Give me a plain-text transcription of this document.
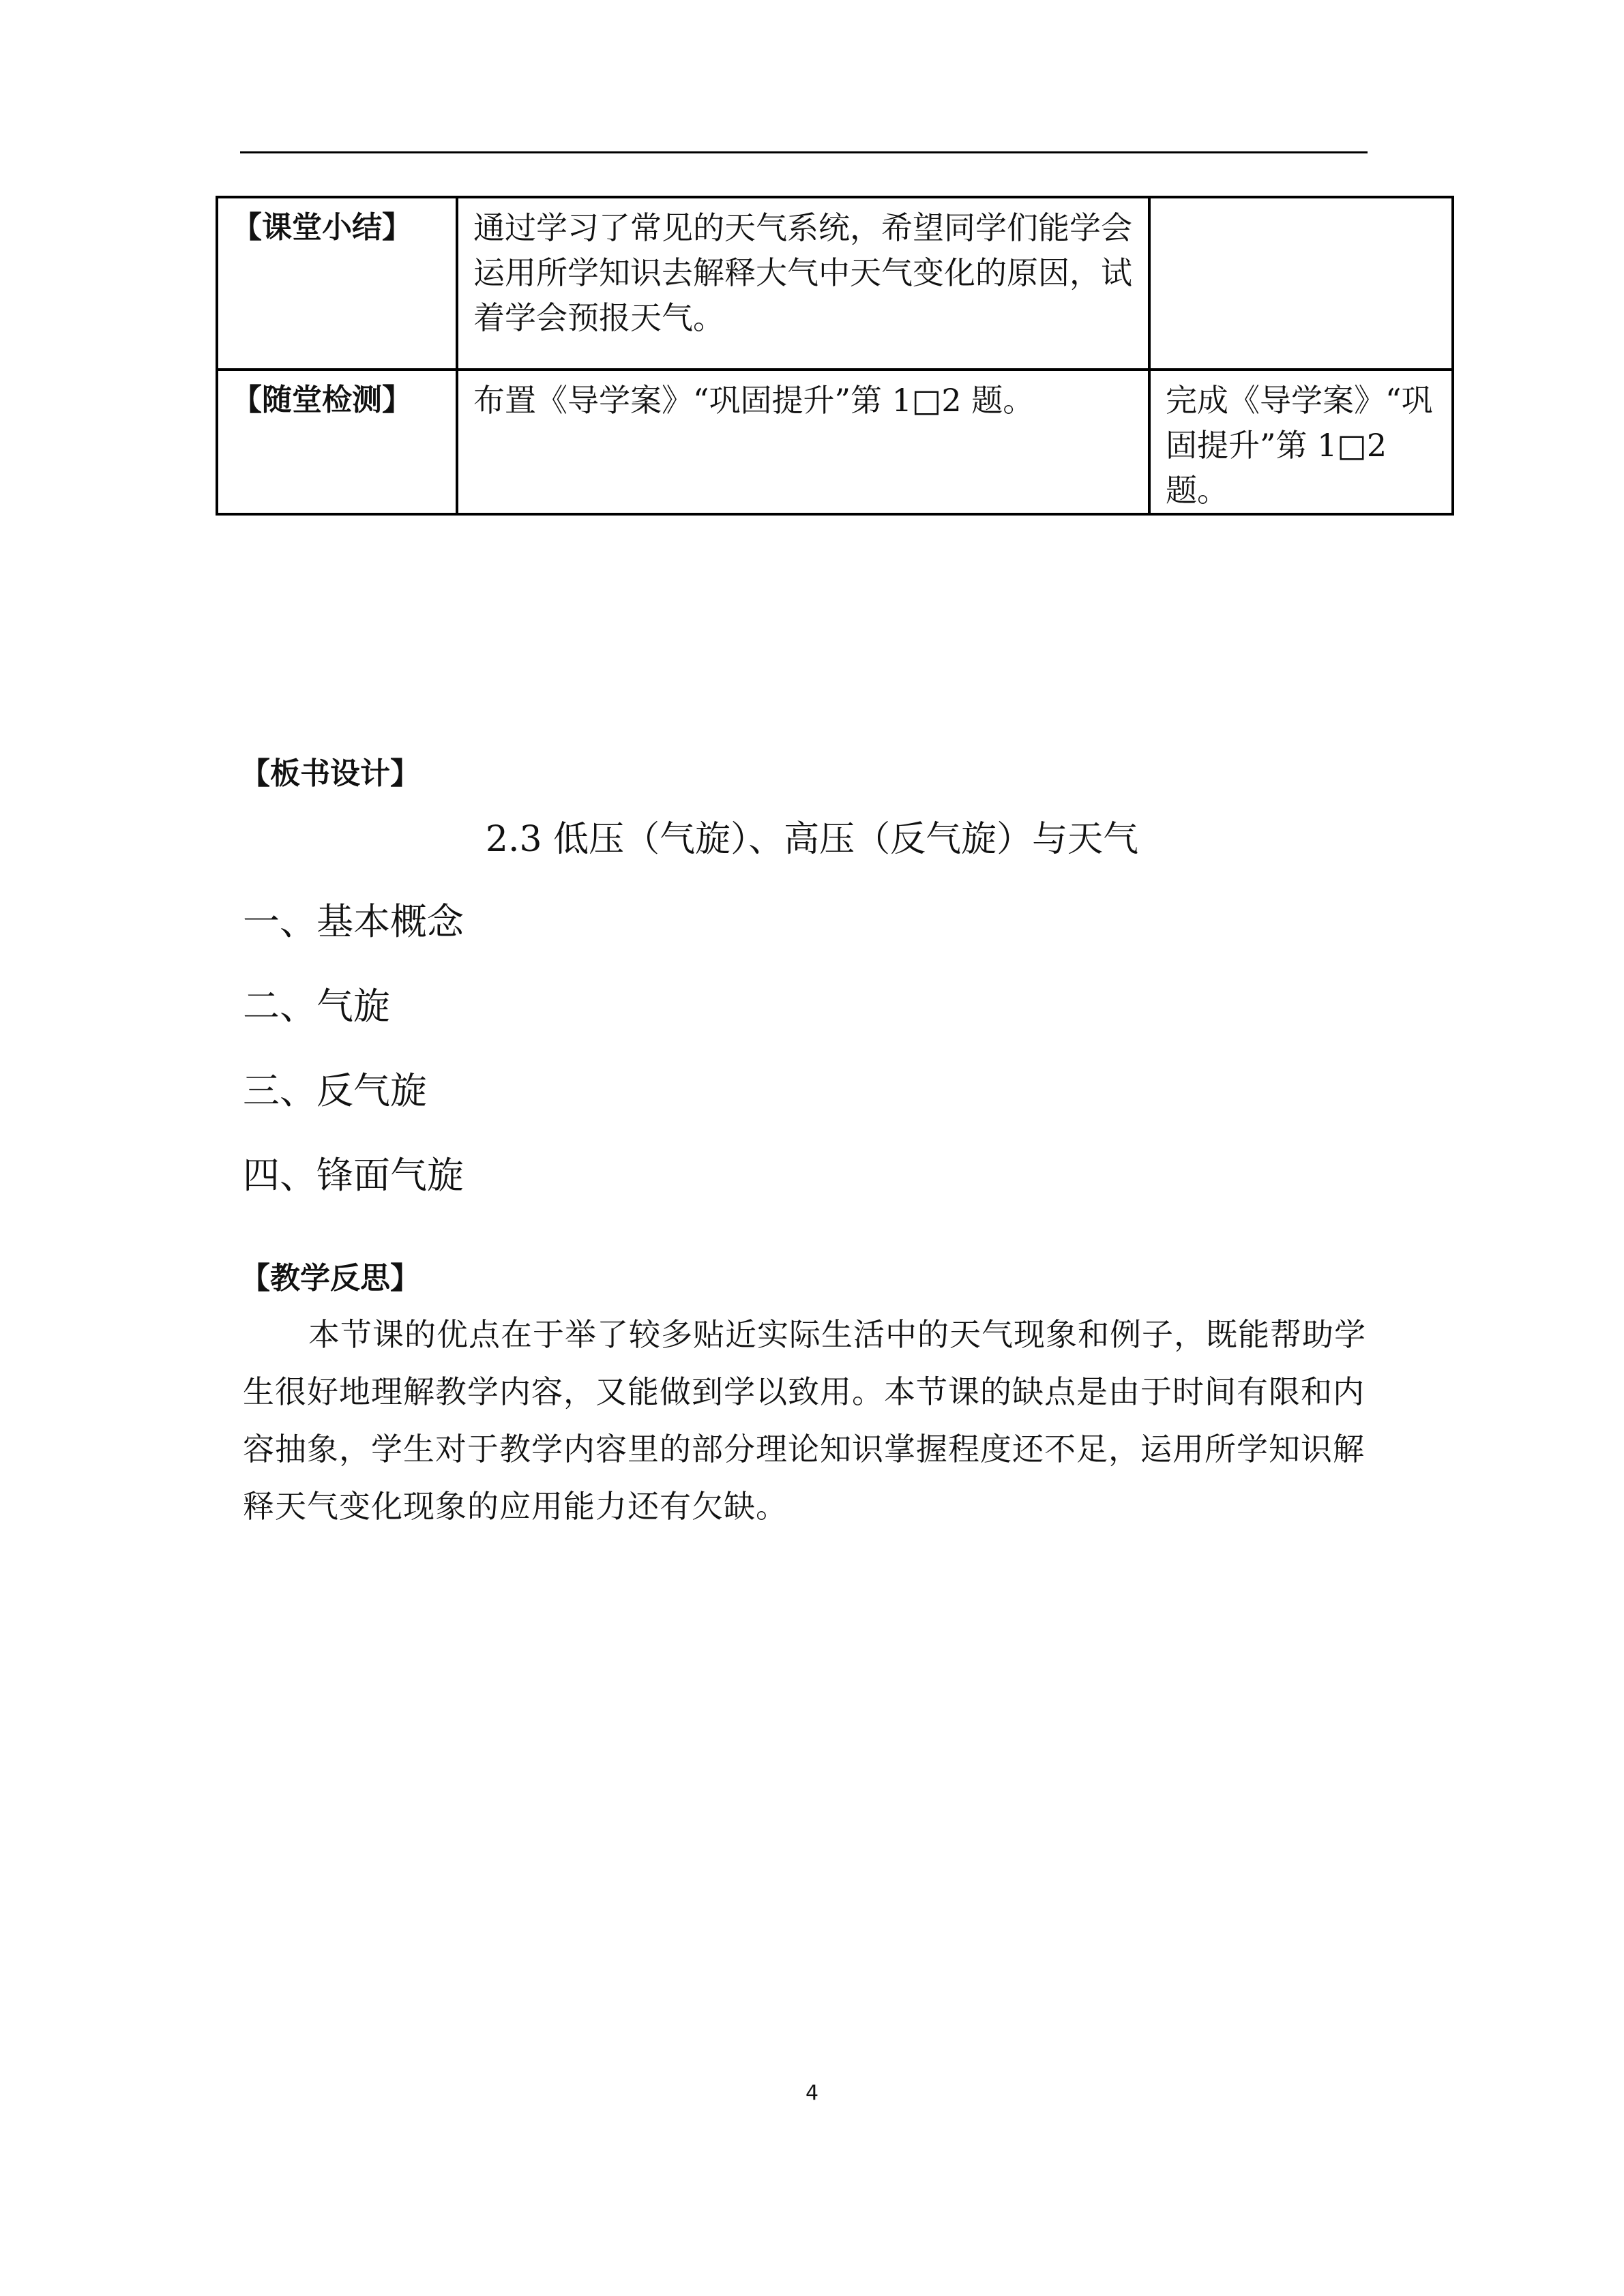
【课堂小结】	通过学习了常见的天气系统，希望同学们能学会运用所学知识去解释大气中天气变化的原因，试着学会预报天气。	
【随堂检测】	布置《导学案》“巩固提升”第 1□2 题。	完成《导学案》“巩固提升”第 1□2 题。
【板书设计】
2.3 低压（气旋）、高压（反气旋）与天气
一、基本概念
二、气旋
三、反气旋
四、锋面气旋
【教学反思】
本节课的优点在于举了较多贴近实际生活中的天气现象和例子，既能帮助学生很好地理解教学内容，又能做到学以致用。本节课的缺点是由于时间有限和内容抽象，学生对于教学内容里的部分理论知识掌握程度还不足，运用所学知识解释天气变化现象的应用能力还有欠缺。
4
